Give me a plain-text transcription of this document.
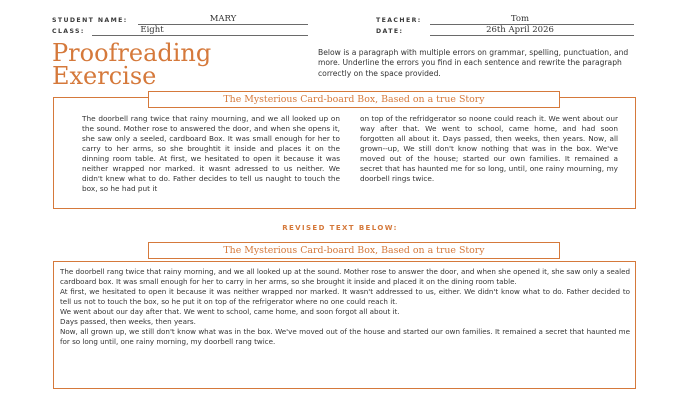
STUDENT NAME:	MARY
CLASS:	Eight
TEACHER:	Tom
DATE:	26th April 2026
Proofreading
Exercise
Below is a paragraph with multiple errors on grammar, spelling, punctuation, and more. Underline the errors you find in each sentence and rewrite the paragraph correctly on the space provided.
The Mysterious Card-board Box, Based on a true Story

The doorbell rang twice that rainy mourning, and we all looked up on the sound. Mother rose to answered the door, and when she opens it, she saw only a seeled, cardboard Box. It was small enough for her to carry to her arms, so she broughtit it inside and places it on the dinning room table. At first, we hesitated to open it because it was neither wrapped nor marked. it wasnt adressed to us neither. We didn't knew what to do. Father decides to tell us naught to touch the box, so he had put it

on top of the refridgerator so noone could reach it. We went about our way after that. We went to school, came home, and had soon forgotten all about it. Days passed, then weeks, then years. Now, all grown--up, We still don't know nothing that was in the box. We've moved out of the house; started our own families. It remained a secret that has haunted me for so long, until, one rainy mourning, my doorbell rings twice.

REVISED TEXT BELOW:
The Mysterious Card-board Box, Based on a true Story

The doorbell rang twice that rainy morning, and we all looked up at the sound. Mother rose to answer the door, and when she opened it, she saw only a sealed cardboard box. It was small enough for her to carry in her arms, so she brought it inside and placed it on the dining room table.

At first, we hesitated to open it because it was neither wrapped nor marked. It wasn't addressed to us, either. We didn't know what to do. Father decided to tell us not to touch the box, so he put it on top of the refrigerator where no one could reach it.

We went about our day after that. We went to school, came home, and soon forgot all about it.

Days passed, then weeks, then years.

Now, all grown up, we still don't know what was in the box. We've moved out of the house and started our own families. It remained a secret that haunted me for so long until, one rainy morning, my doorbell rang twice.
